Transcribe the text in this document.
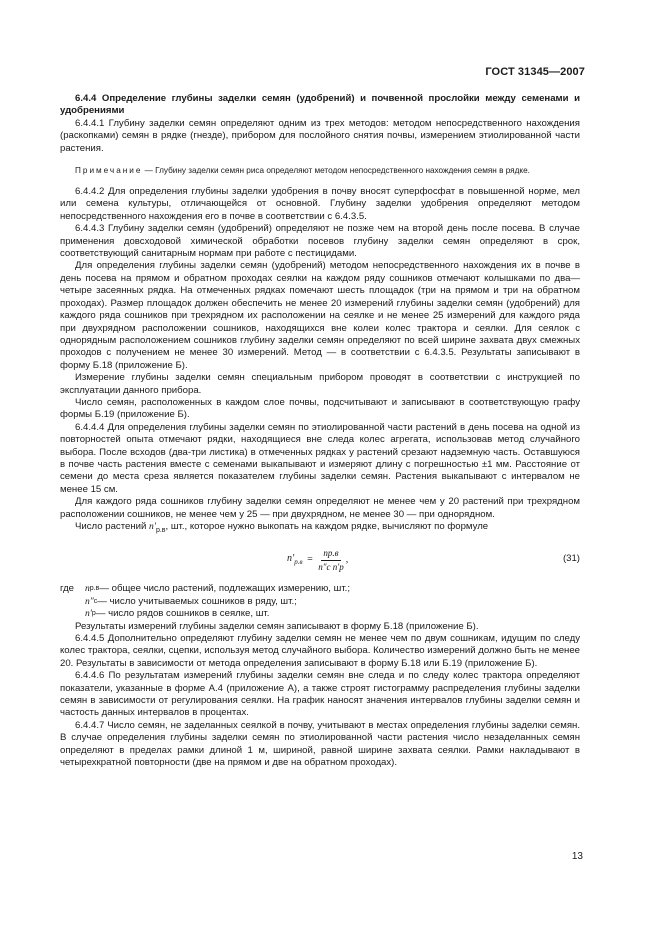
ГОСТ 31345—2007

6.4.4 Определение глубины заделки семян (удобрений) и почвенной прослойки между семенами и удобрениями

6.4.4.1 Глубину заделки семян определяют одним из трех методов: методом непосредственного нахождения (раскопками) семян в рядке (гнезде), прибором для послойного снятия почвы, измерением этиолированной части растения.

Примечание — Глубину заделки семян риса определяют методом непосредственного нахождения семян в рядке.

6.4.4.2 Для определения глубины заделки удобрения в почву вносят суперфосфат в повышенной норме, мел или семена культуры, отличающейся от основной. Глубину заделки удобрения определяют методом непосредственного нахождения его в почве в соответствии с 6.4.3.5.

6.4.4.3 Глубину заделки семян (удобрений) определяют не позже чем на второй день после посева. В случае применения довсходовой химической обработки посевов глубину заделки семян определяют в срок, соответствующий санитарным нормам при работе с пестицидами.

Для определения глубины заделки семян (удобрений) методом непосредственного нахождения их в почве в день посева на прямом и обратном проходах сеялки на каждом ряду сошников отмечают колышками по два—четыре засеянных рядка. На отмеченных рядках помечают шесть площадок (три на прямом и три на обратном проходах). Размер площадок должен обеспечить не менее 20 измерений глубины заделки семян (удобрений) для каждого ряда сошников при трехрядном их расположении на сеялке и не менее 25 измерений для каждого ряда при двухрядном расположении сошников, находящихся вне колеи колес трактора и сеялки. Для сеялок с однорядным расположением сошников глубину заделки семян определяют по всей ширине захвата двух смежных проходов с получением не менее 30 измерений. Метод — в соответствии с 6.4.3.5. Результаты записывают в форму Б.18 (приложение Б).

Измерение глубины заделки семян специальным прибором проводят в соответствии с инструкцией по эксплуатации данного прибора.

Число семян, расположенных в каждом слое почвы, подсчитывают и записывают в соответствующую графу формы Б.19 (приложение Б).

6.4.4.4 Для определения глубины заделки семян по этиолированной части растений в день посева на одной из повторностей опыта отмечают рядки, находящиеся вне следа колес агрегата, использовав метод случайного выбора. После всходов (два-три листика) в отмеченных рядках у растений срезают надземную часть. Оставшуюся в почве часть растения вместе с семенами выкапывают и измеряют длину с погрешностью ±1 мм. Расстояние от семени до места среза является показателем глубины заделки семян. Растения выкапывают с интервалом не менее 15 см.

Для каждого ряда сошников глубину заделки семян определяют не менее чем у 20 растений при трехрядном расположении сошников, не менее чем у 25 — при двухрядном, не менее 30 — при однорядном.

Число растений $n'_{р.в}$, шт., которое нужно выкопать на каждом рядке, вычисляют по формуле

$n'_{р.в} = \frac{nр.в}{\text{n″с n′р}}$ ,	(31)
где	n р.в — общее число растений, подлежащих измерению, шт.;
n″ с — число учитываемых сошников в ряду, шт.;
n′ р — число рядов сошников в сеялке, шт.

Результаты измерений глубины заделки семян записывают в форму Б.18 (приложение Б).

6.4.4.5 Дополнительно определяют глубину заделки семян не менее чем по двум сошникам, идущим по следу колес трактора, сеялки, сцепки, используя метод случайного выбора. Количество измерений должно быть не менее 20. Результаты в зависимости от метода определения записывают в форму Б.18 или Б.19 (приложение Б).

6.4.4.6 По результатам измерений глубины заделки семян вне следа и по следу колес трактора определяют показатели, указанные в форме А.4 (приложение А), а также строят гистограмму распределения глубины заделки семян в зависимости от регулирования сеялки. На график наносят значения интервалов глубины заделки семян и частость данных интервалов в процентах.

6.4.4.7 Число семян, не заделанных сеялкой в почву, учитывают в местах определения глубины заделки семян. В случае определения глубины заделки семян по этиолированной части растения число незаделанных семян определяют в пределах рамки длиной 1 м, шириной, равной ширине захвата сеялки. Рамки накладывают в четырехкратной повторности (две на прямом и две на обратном проходах).

13
